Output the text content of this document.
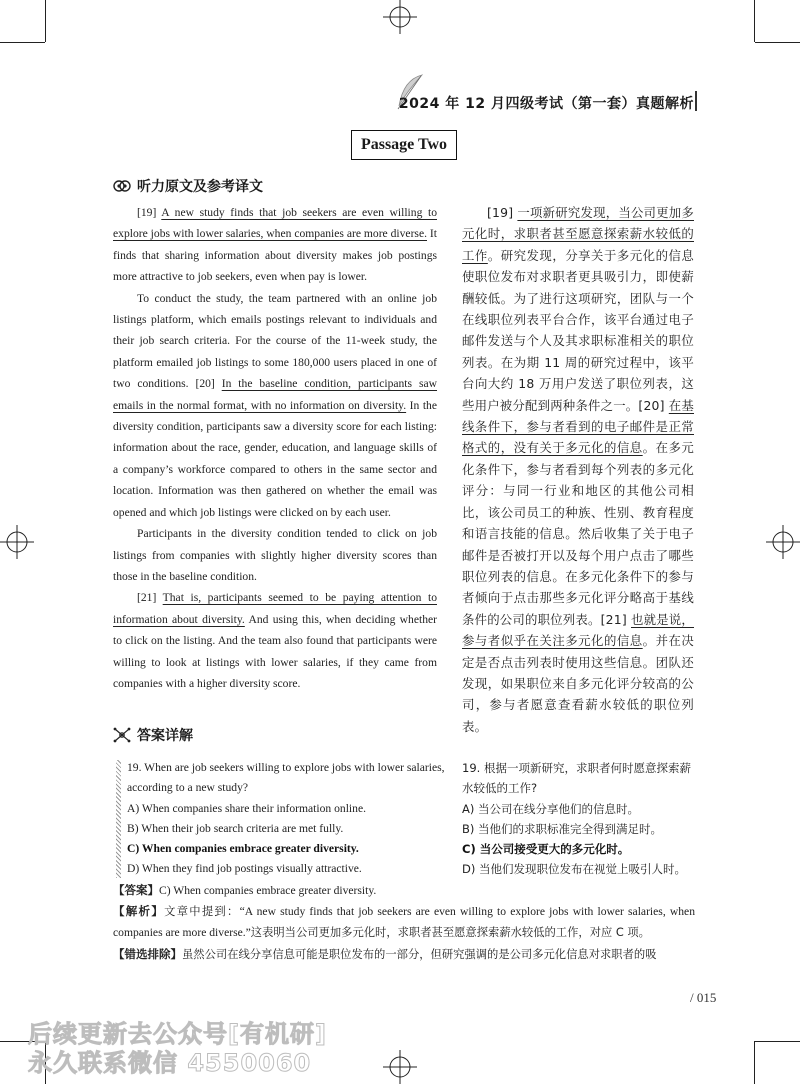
2024 年 12 月四级考试（第一套）真题解析
Passage Two
听力原文及参考译文

[19] A new study finds that job seekers are even willing to explore jobs with lower salaries, when companies are more diverse. It finds that sharing information about diversity makes job postings more attractive to job seekers, even when pay is lower.

To conduct the study, the team partnered with an online job listings platform, which emails postings relevant to individuals and their job search criteria. For the course of the 11-week study, the platform emailed job listings to some 180,000 users placed in one of two conditions. [20] In the baseline condition, participants saw emails in the normal format, with no information on diversity. In the diversity condition, participants saw a diversity score for each listing: information about the race, gender, education, and language skills of a company’s workforce compared to others in the same sector and location. Information was then gathered on whether the email was opened and which job listings were clicked on by each user.

Participants in the diversity condition tended to click on job listings from companies with slightly higher diversity scores than those in the baseline condition.

[21] That is, participants seemed to be paying attention to information about diversity. And using this, when deciding whether to click on the listing. And the team also found that participants were willing to look at listings with lower salaries, if they came from companies with a higher diversity score.

[19] 一项新研究发现，当公司更加多元化时，求职者甚至愿意探索薪水较低的工作。研究发现，分享关于多元化的信息使职位发布对求职者更具吸引力，即使薪酬较低。为了进行这项研究，团队与一个在线职位列表平台合作，该平台通过电子邮件发送与个人及其求职标准相关的职位列表。在为期 11 周的研究过程中，该平台向大约 18 万用户发送了职位列表，这些用户被分配到两种条件之一。[20] 在基线条件下，参与者看到的电子邮件是正常格式的，没有关于多元化的信息。在多元化条件下，参与者看到每个列表的多元化评分：与同一行业和地区的其他公司相比，该公司员工的种族、性别、教育程度和语言技能的信息。然后收集了关于电子邮件是否被打开以及每个用户点击了哪些职位列表的信息。在多元化条件下的参与者倾向于点击那些多元化评分略高于基线条件的公司的职位列表。[21] 也就是说，参与者似乎在关注多元化的信息。并在决定是否点击列表时使用这些信息。团队还发现，如果职位来自多元化评分较高的公司，参与者愿意查看薪水较低的职位列表。

答案详解
19. When are job seekers willing to explore jobs with lower salaries, according to a new study?
A) When companies share their information online.
B) When their job search criteria are met fully.
C) When companies embrace greater diversity.
D) When they find job postings visually attractive.
19. 根据一项新研究，求职者何时愿意探索薪水较低的工作?
A) 当公司在线分享他们的信息时。
B) 当他们的求职标准完全得到满足时。
C) 当公司接受更大的多元化时。
D) 当他们发现职位发布在视觉上吸引人时。
【答案】C) When companies embrace greater diversity.
【解析】文章中提到：“A new study finds that job seekers are even willing to explore jobs with lower salaries, when companies are more diverse.”这表明当公司更加多元化时，求职者甚至愿意探索薪水较低的工作，对应 C 项。
【错选排除】虽然公司在线分享信息可能是职位发布的一部分，但研究强调的是公司多元化信息对求职者的吸
/ 015
后续更新去公众号[有机研]
永久联系微信 4550060
